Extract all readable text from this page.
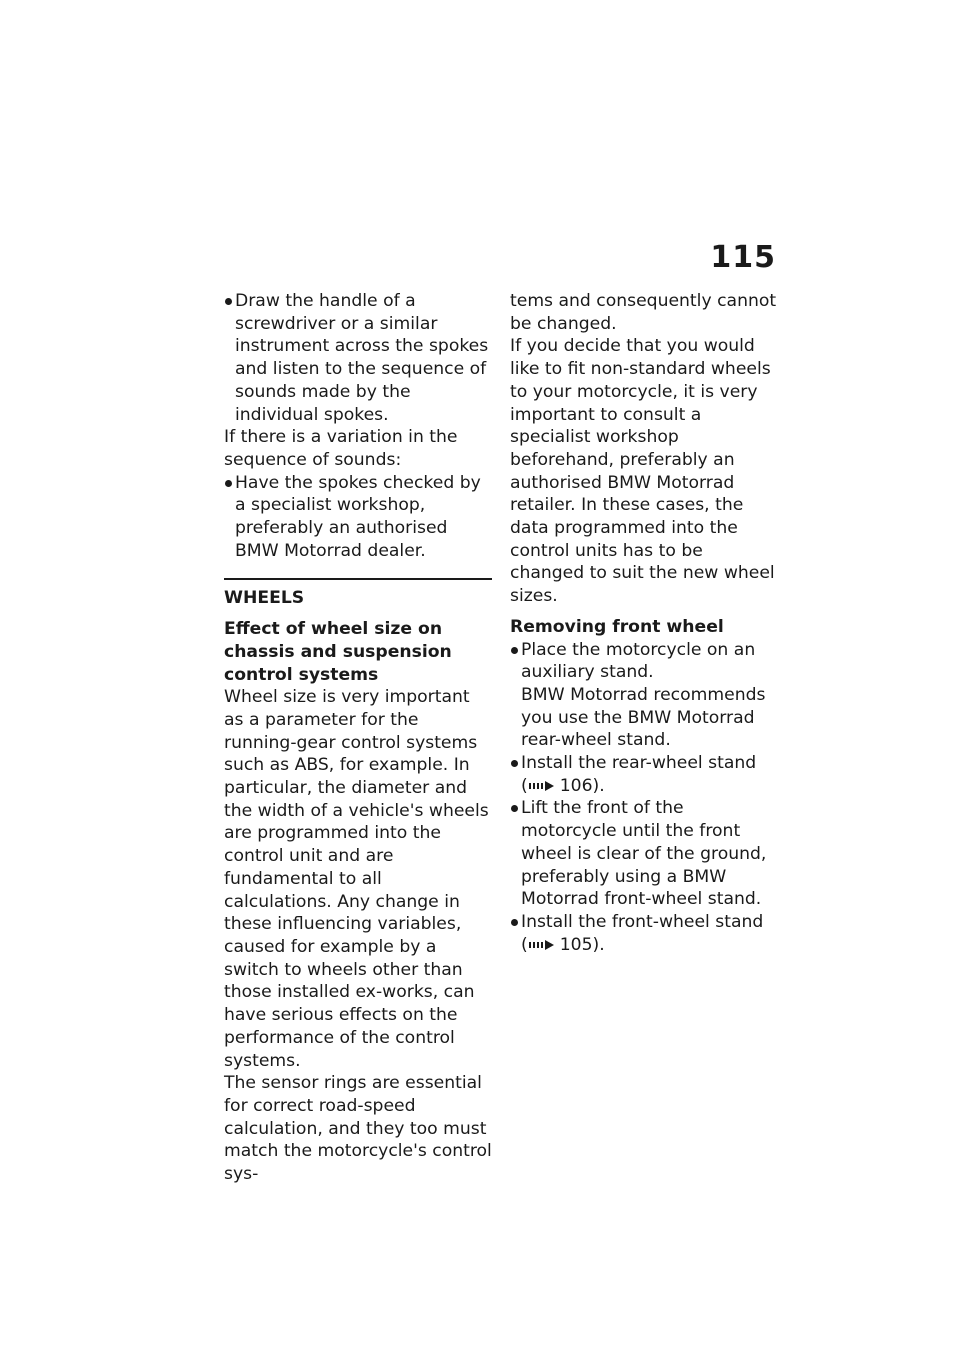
115

Draw the handle of a screwdriver or a similar instrument across the spokes and listen to the sequence of sounds made by the individual spokes.

If there is a variation in the sequence of sounds:

Have the spokes checked by a specialist workshop, preferably an authorised BMW Motorrad dealer.

WHEELS

Effect of wheel size on chassis and suspension control systems

Wheel size is very important as a parameter for the running-gear control systems such as ABS, for example. In particular, the diameter and the width of a vehicle's wheels are programmed into the control unit and are fundamental to all calculations. Any change in these influencing variables, caused for example by a switch to wheels other than those installed ex-works, can have serious effects on the performance of the control systems.

The sensor rings are essential for correct road-speed calculation, and they too must match the motorcycle's control sys-

tems and consequently cannot be changed.

If you decide that you would like to fit non-standard wheels to your motorcycle, it is very important to consult a specialist workshop beforehand, preferably an authorised BMW Motorrad retailer. In these cases, the data programmed into the control units has to be changed to suit the new wheel sizes.

Removing front wheel

Place the motorcycle on an auxiliary stand.
BMW Motorrad recommends you use the BMW Motorrad rear-wheel stand.
Install the rear-wheel stand
( 106).

Lift the front of the motorcycle until the front wheel is clear of the ground, preferably using a BMW Motorrad front-wheel stand.

Install the front-wheel stand
( 105).
